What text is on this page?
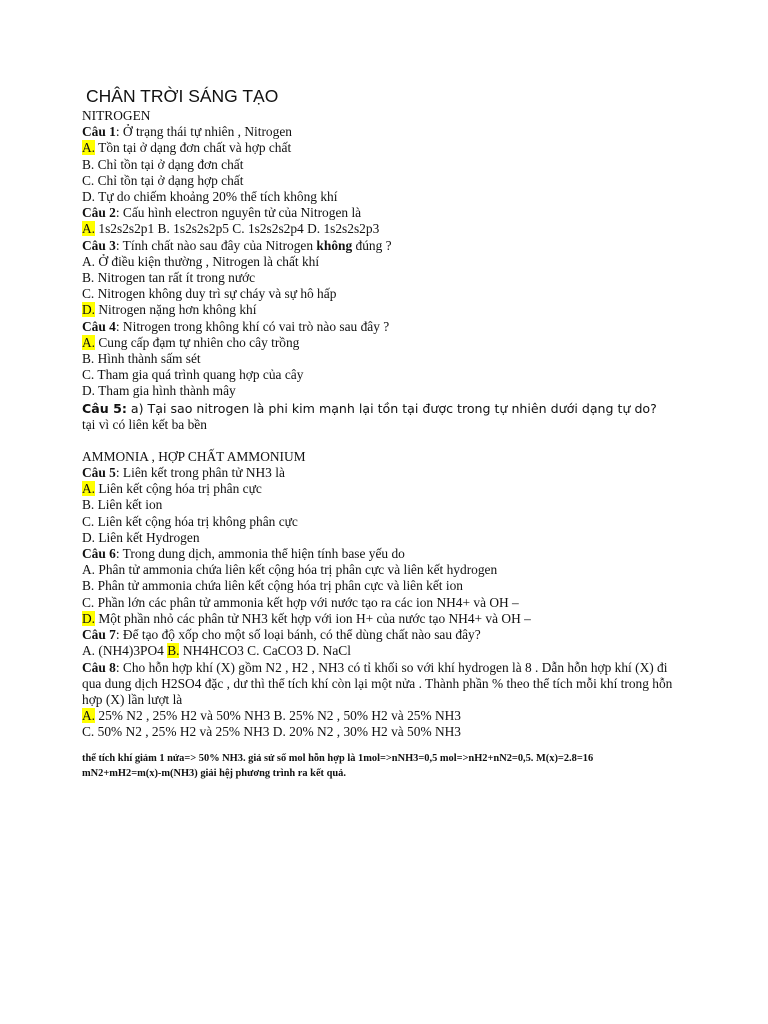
CHÂN TRỜI SÁNG TẠO
NITROGEN
Câu 1: Ở trạng thái tự nhiên , Nitrogen
A. Tồn tại ở dạng đơn chất và hợp chất
B. Chỉ tồn tại ở dạng đơn chất
C. Chỉ tồn tại ở dạng hợp chất
D. Tự do chiếm khoảng 20% thể tích không khí
Câu 2: Cấu hình electron nguyên tử của Nitrogen là
A. 1s2s2s2p1 B. 1s2s2s2p5 C. 1s2s2s2p4 D. 1s2s2s2p3
Câu 3: Tính chất nào sau đây của Nitrogen không đúng ?
A. Ở điều kiện thường , Nitrogen là chất khí
B. Nitrogen tan rất ít trong nước
C. Nitrogen không duy trì sự cháy và sự hô hấp
D. Nitrogen nặng hơn không khí
Câu 4: Nitrogen trong không khí có vai trò nào sau đây ?
A. Cung cấp đạm tự nhiên cho cây trồng
B. Hình thành sấm sét
C. Tham gia quá trình quang hợp của cây
D. Tham gia hình thành mây
Câu 5: a) Tại sao nitrogen là phi kim mạnh lại tồn tại được trong tự nhiên dưới dạng tự do?
tại vì có liên kết ba bền
AMMONIA , HỢP CHẤT AMMONIUM
Câu 5: Liên kết trong phân tử NH3 là
A. Liên kết cộng hóa trị phân cực
B. Liên kết ion
C. Liên kết cộng hóa trị không phân cực
D. Liên kết Hydrogen
Câu 6: Trong dung dịch, ammonia thể hiện tính base yếu do
A. Phân tử ammonia chứa liên kết cộng hóa trị phân cực và liên kết hydrogen
B. Phân tử ammonia chứa liên kết cộng hóa trị phân cực và liên kết ion
C. Phần lớn các phân tử ammonia kết hợp với nước tạo ra các ion NH4+ và OH –
D. Một phần nhỏ các phân tử NH3 kết hợp với ion H+ của nước tạo NH4+ và OH –
Câu 7: Để tạo độ xốp cho một số loại bánh, có thể dùng chất nào sau đây?
A. (NH4)3PO4 B. NH4HCO3 C. CaCO3 D. NaCl
Câu 8: Cho hỗn hợp khí (X) gồm N2 , H2 , NH3 có tỉ khối so với khí hydrogen là 8 . Dẫn hỗn hợp khí (X) đi qua dung dịch H2SO4 đặc , dư thì thể tích khí còn lại một nửa . Thành phần % theo thể tích mỗi khí trong hỗn hợp (X) lần lượt là
A. 25% N2 , 25% H2 và 50% NH3 B. 25% N2 , 50% H2 và 25% NH3
C. 50% N2 , 25% H2 và 25% NH3 D. 20% N2 , 30% H2 và 50% NH3
thể tích khí giảm 1 nửa=> 50% NH3. giả sử số mol hỗn hợp là 1mol=>nNH3=0,5 mol=>nH2+nN2=0,5. M(x)=2.8=16
mN2+mH2=m(x)-m(NH3) giải hệj phương trình ra kết quả.
